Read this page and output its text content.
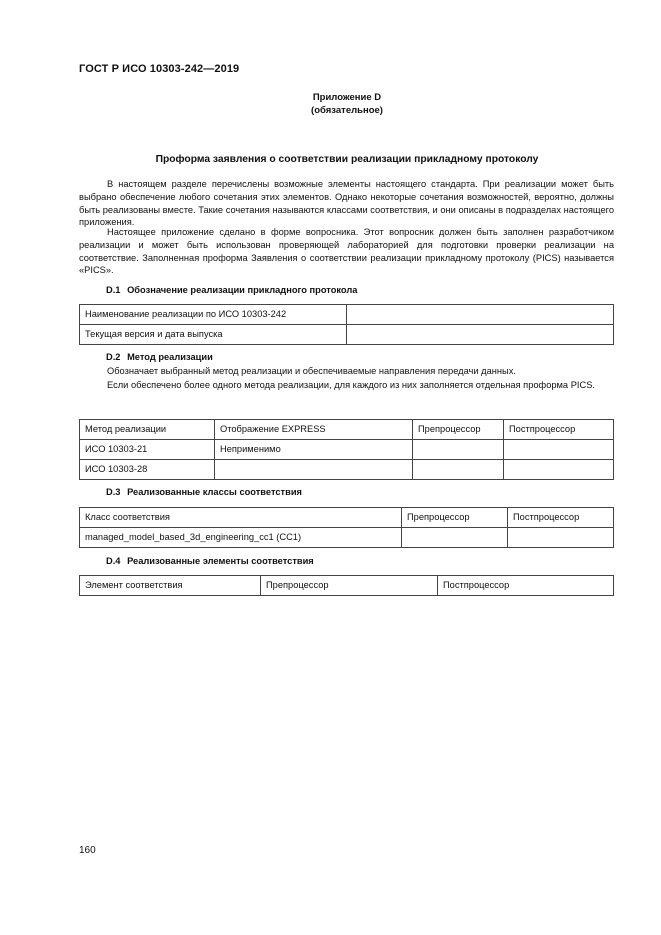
ГОСТ Р ИСО 10303-242—2019
Приложение D
(обязательное)
Проформа заявления о соответствии реализации прикладному протоколу
В настоящем разделе перечислены возможные элементы настоящего стандарта. При реализации может быть выбрано обеспечение любого сочетания этих элементов. Однако некоторые сочетания возможностей, вероятно, должны быть реализованы вместе. Такие сочетания называются классами соответствия, и они описаны в подразделах настоящего приложения.
Настоящее приложение сделано в форме вопросника. Этот вопросник должен быть заполнен разработчиком реализации и может быть использован проверяющей лабораторией для подготовки проверки реализации на соответствие. Заполненная проформа Заявления о соответствии реализации прикладному протоколу (PICS) называется «PICS».
D.1 Обозначение реализации прикладного протокола
Наименование реализации по ИСО 10303-242	
Текущая версия и дата выпуска	
D.2 Метод реализации
Обозначает выбранный метод реализации и обеспечиваемые направления передачи данных.
Если обеспечено более одного метода реализации, для каждого из них заполняется отдельная проформа PICS.
Метод реализации	Отображение EXPRESS	Препроцессор	Постпроцессор
ИСО 10303-21	Неприменимо		
ИСО 10303-28			
D.3 Реализованные классы соответствия
Класс соответствия	Препроцессор	Постпроцессор
managed_model_based_3d_engineering_cc1 (CC1)		
D.4 Реализованные элементы соответствия
Элемент соответствия	Препроцессор	Постпроцессор
160
